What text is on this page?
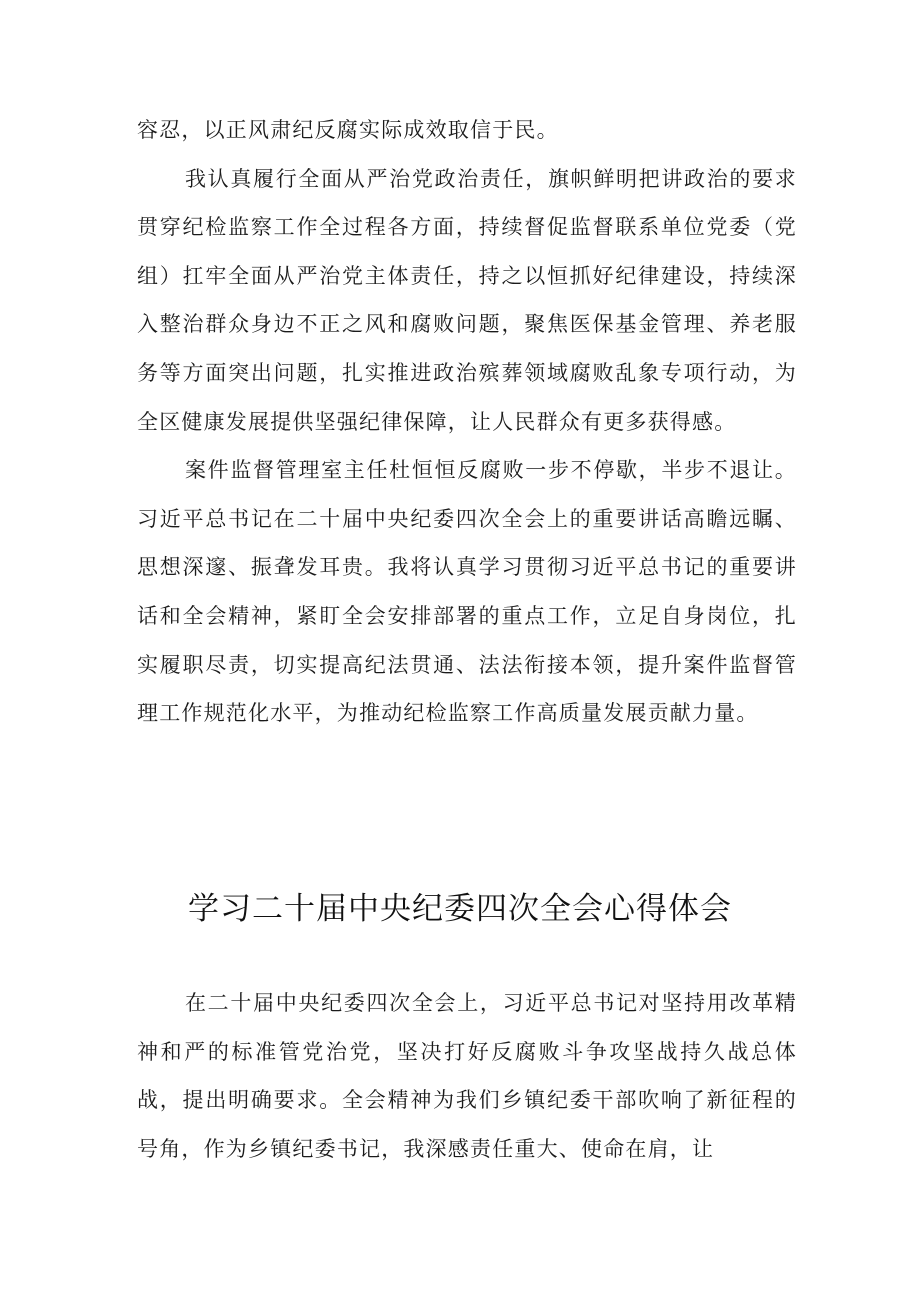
容忍，以正风肃纪反腐实际成效取信于民。

我认真履行全面从严治党政治责任，旗帜鲜明把讲政治的要求贯穿纪检监察工作全过程各方面，持续督促监督联系单位党委（党组）扛牢全面从严治党主体责任，持之以恒抓好纪律建设，持续深入整治群众身边不正之风和腐败问题，聚焦医保基金管理、养老服务等方面突出问题，扎实推进政治殡葬领域腐败乱象专项行动，为全区健康发展提供坚强纪律保障，让人民群众有更多获得感。

案件监督管理室主任杜恒恒反腐败一步不停歇，半步不退让。习近平总书记在二十届中央纪委四次全会上的重要讲话高瞻远瞩、思想深邃、振聋发耳贵。我将认真学习贯彻习近平总书记的重要讲话和全会精神，紧盯全会安排部署的重点工作，立足自身岗位，扎实履职尽责，切实提高纪法贯通、法法衔接本领，提升案件监督管理工作规范化水平，为推动纪检监察工作高质量发展贡献力量。

学习二十届中央纪委四次全会心得体会

在二十届中央纪委四次全会上，习近平总书记对坚持用改革精神和严的标准管党治党，坚决打好反腐败斗争攻坚战持久战总体战，提出明确要求。全会精神为我们乡镇纪委干部吹响了新征程的号角，作为乡镇纪委书记，我深感责任重大、使命在肩，让
